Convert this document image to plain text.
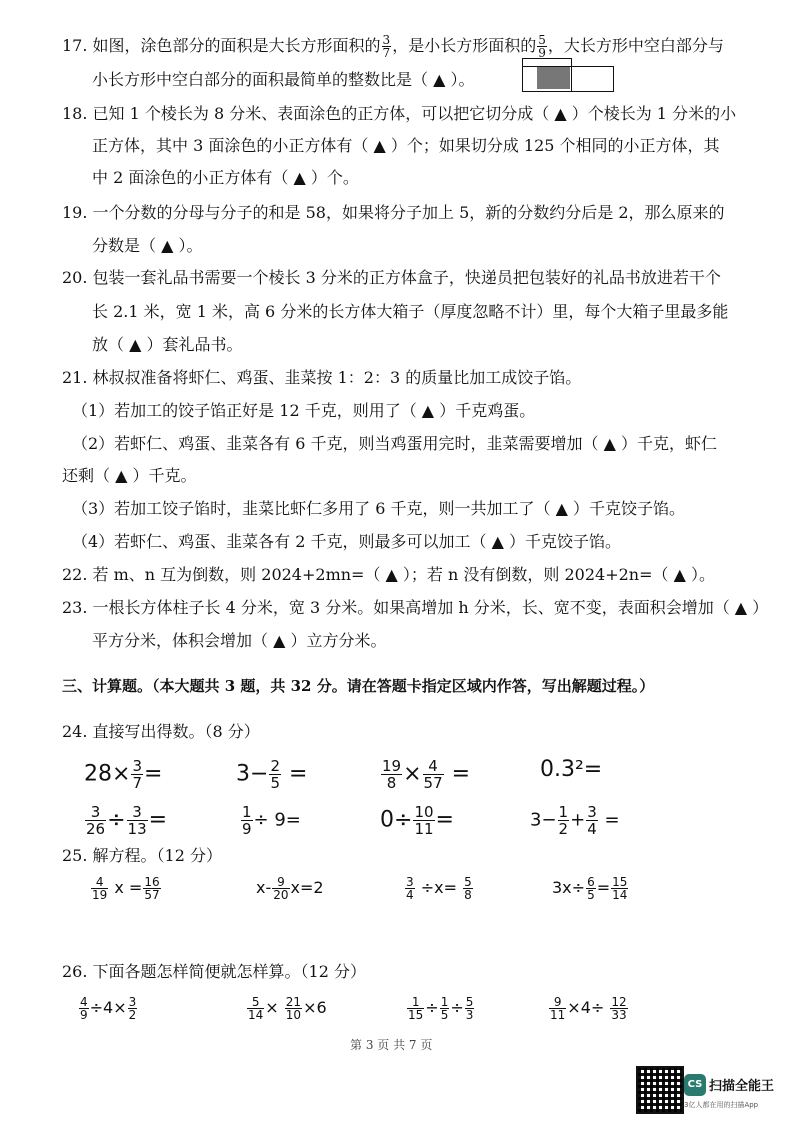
17. 如图，涂色部分的面积是大长方形面积的 $\frac{3}{7}$ ，是小长方形面积的 $\frac{5}{9}$ ，大长方形中空白部分与
小长方形中空白部分的面积最简单的整数比是（ ▲ ）。
18. 已知 1 个棱长为 8 分米、表面涂色的正方体，可以把它切分成（ ▲ ）个棱长为 1 分米的小
正方体，其中 3 面涂色的小正方体有（ ▲ ）个；如果切分成 125 个相同的小正方体，其
中 2 面涂色的小正方体有（ ▲ ）个。
19. 一个分数的分母与分子的和是 58，如果将分子加上 5，新的分数约分后是 2，那么原来的
分数是（ ▲ ）。
20. 包装一套礼品书需要一个棱长 3 分米的正方体盒子，快递员把包装好的礼品书放进若干个
长 2.1 米，宽 1 米，高 6 分米的长方体大箱子（厚度忽略不计）里，每个大箱子里最多能
放（ ▲ ）套礼品书。
21. 林叔叔准备将虾仁、鸡蛋、韭菜按 1：2：3 的质量比加工成饺子馅。
（1）若加工的饺子馅正好是 12 千克，则用了（ ▲ ）千克鸡蛋。
（2）若虾仁、鸡蛋、韭菜各有 6 千克，则当鸡蛋用完时，韭菜需要增加（ ▲ ）千克，虾仁
还剩（ ▲ ）千克。
（3）若加工饺子馅时，韭菜比虾仁多用了 6 千克，则一共加工了（ ▲ ）千克饺子馅。
（4）若虾仁、鸡蛋、韭菜各有 2 千克，则最多可以加工（ ▲ ）千克饺子馅。
22. 若 m、n 互为倒数，则 2024+2mn=（ ▲ ）；若 n 没有倒数，则 2024+2n=（ ▲ ）。
23. 一根长方体柱子长 4 分米，宽 3 分米。如果高增加 h 分米，长、宽不变，表面积会增加（ ▲ ）
平方分米，体积会增加（ ▲ ）立方分米。
三、计算题。（本大题共 3 题，共 32 分。请在答题卡指定区域内作答，写出解题过程。）
24. 直接写出得数。（8 分）
$28\times \frac{3}{7}$ =	$3- \frac{2}{5}$ =	$\frac{19}{8} \times \frac{4}{57}$ =	0.3²=
$\frac{3}{26} \div \frac{3}{13}$ =	$\frac{1}{9} \div 9=$	$0\div \frac{10}{11}$ =	$3- \frac{1}{2} + \frac{3}{4}$ =
25. 解方程。（12 分）
$\frac{4}{19}$ $x = \frac{16}{57}$	$x- \frac{9}{20} x=2$	$\frac{3}{4} \div x= \frac{5}{8}$	$3x\div \frac{6}{5} = \frac{15}{14}$
26. 下面各题怎样简便就怎样算。（12 分）
$\frac{4}{9} \div 4\times \frac{3}{2}$	$\frac{5}{14} \times \frac{21}{10} \times 6$	$\frac{1}{15} \div \frac{1}{5} \div \frac{5}{3}$	$\frac{9}{11} \times 4\div \frac{12}{33}$
第 3 页 共 7 页
CS 扫描全能王
3亿人都在用的扫描App
